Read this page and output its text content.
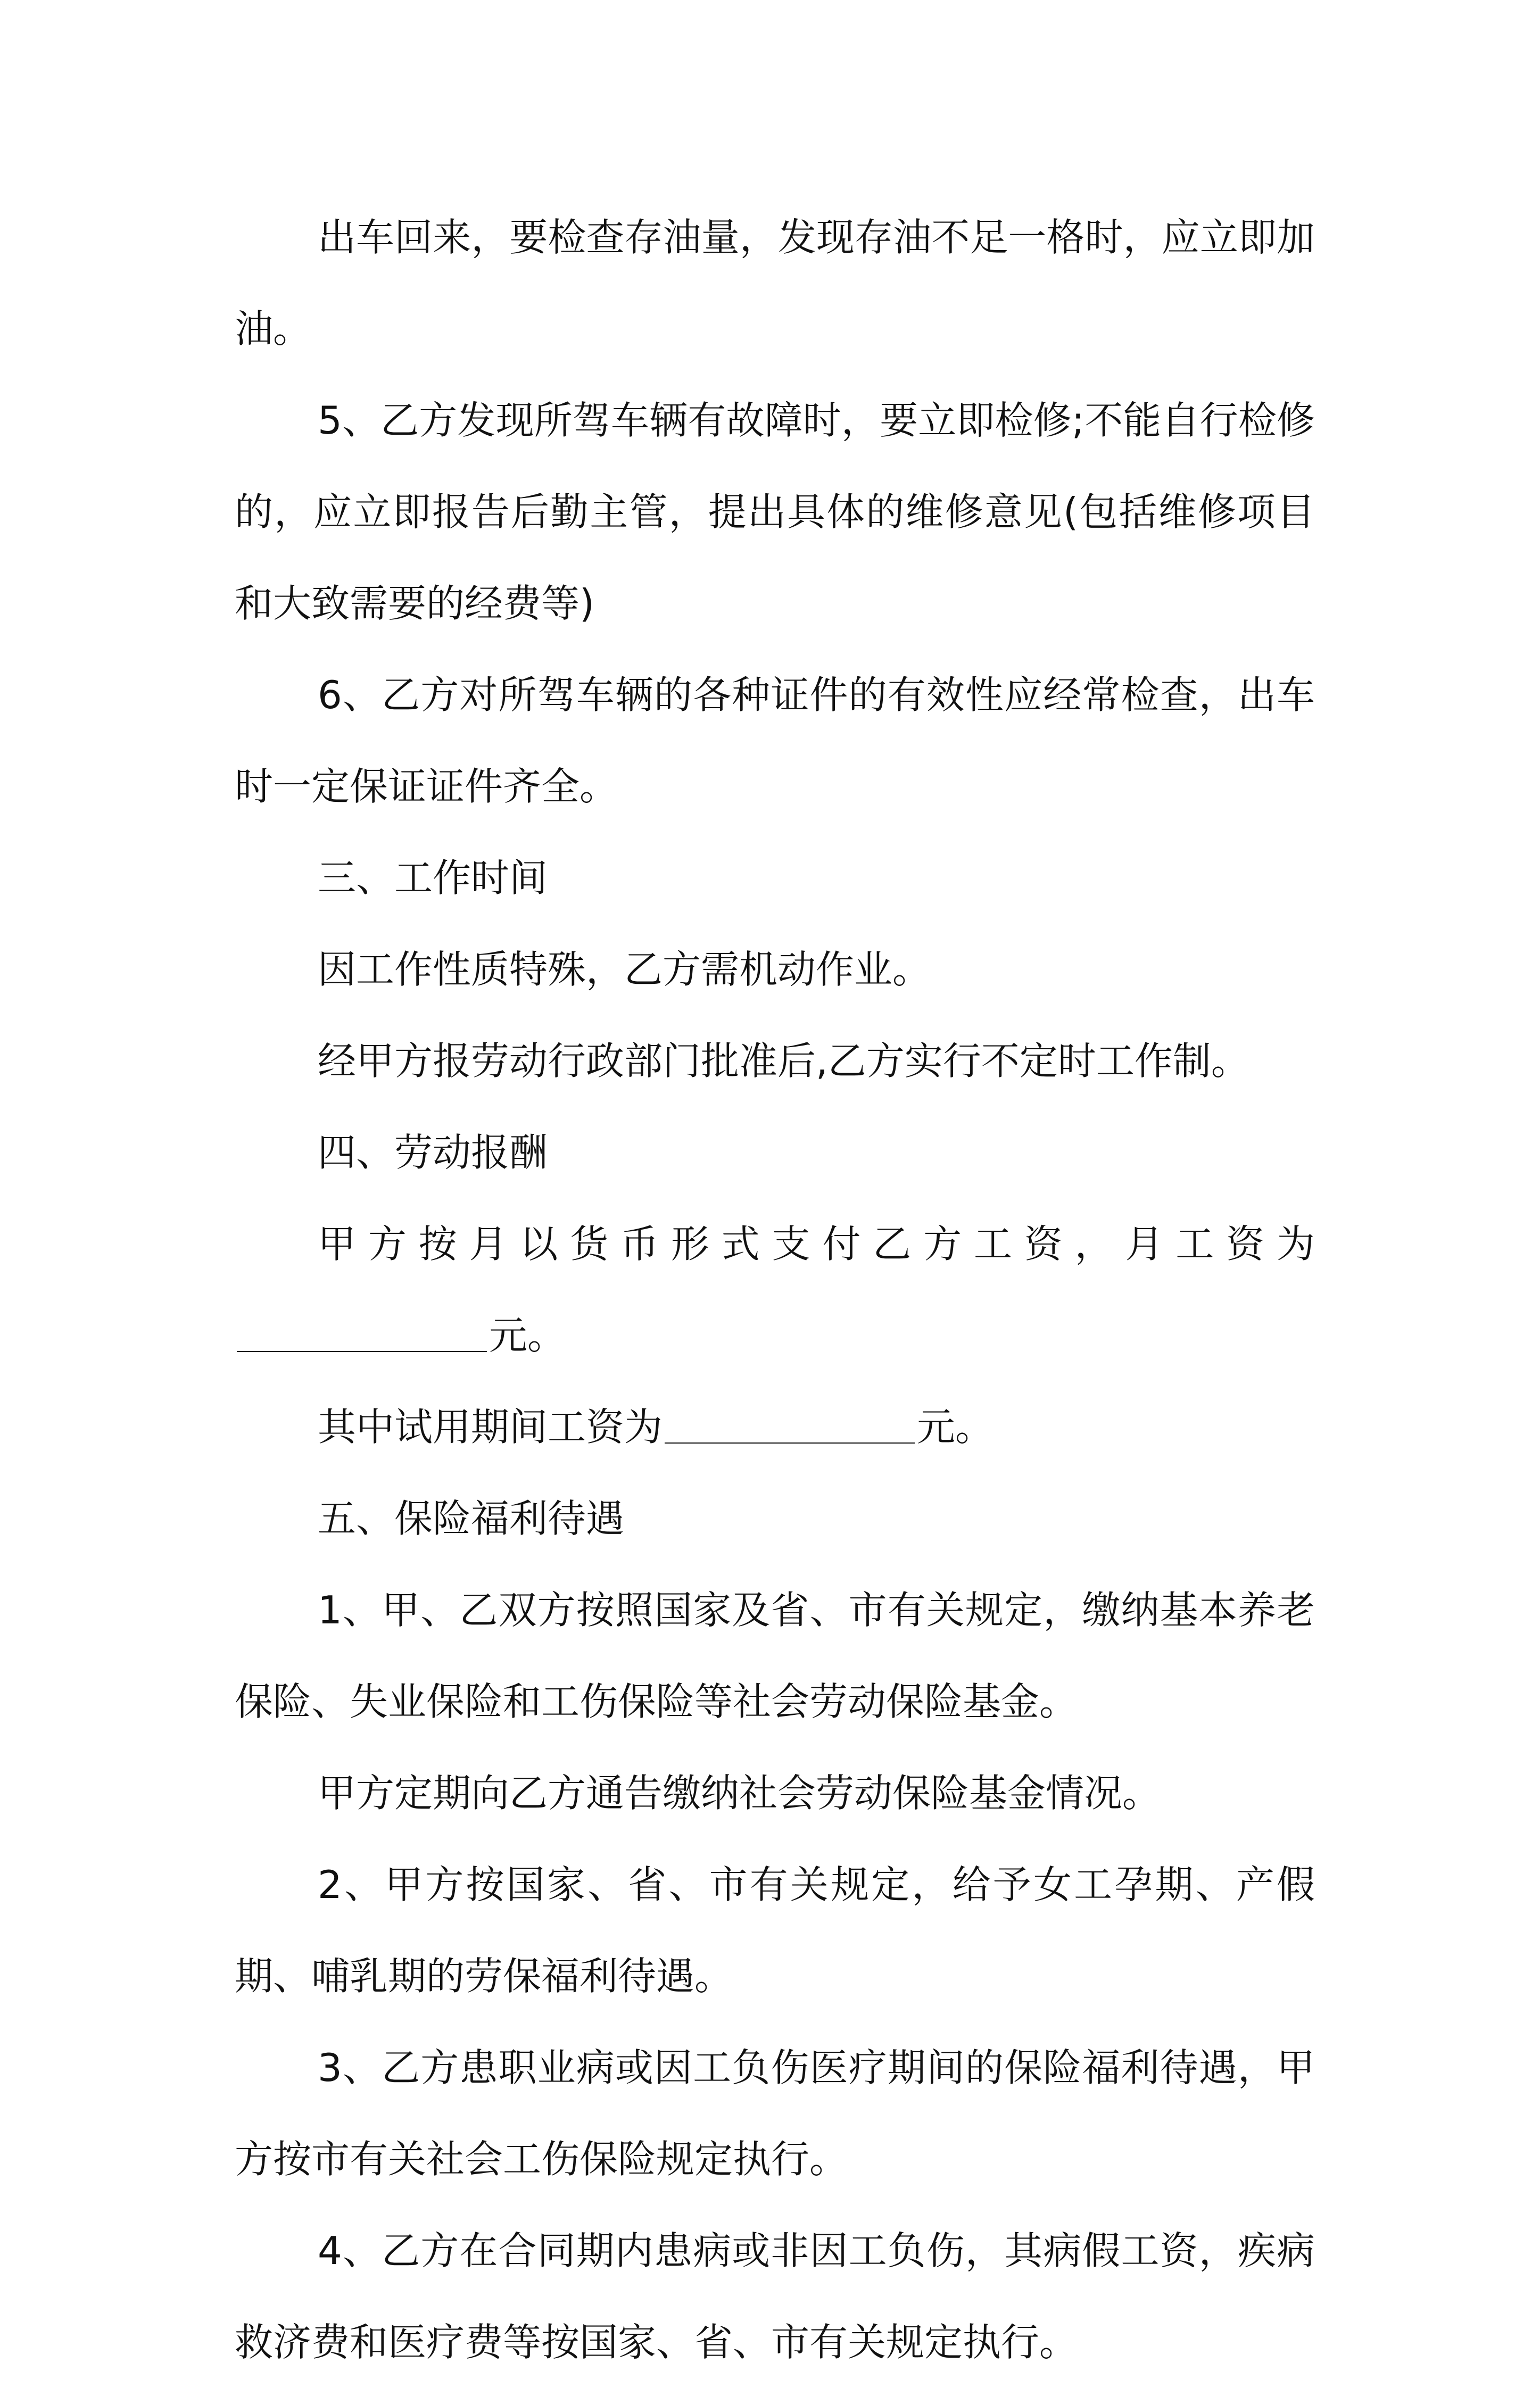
出车回来，要检查存油量，发现存油不足一格时，应立即加油。

5、乙方发现所驾车辆有故障时，要立即检修;不能自行检修的，应立即报告后勤主管，提出具体的维修意见(包括维修项目和大致需要的经费等)

6、乙方对所驾车辆的各种证件的有效性应经常检查，出车时一定保证证件齐全。

三、工作时间

因工作性质特殊，乙方需机动作业。

经甲方报劳动行政部门批准后,乙方实行不定时工作制。

四、劳动报酬

甲方按月以货币形式支付乙方工资，月工资为

元。

其中试用期间工资为	元。

五、保险福利待遇

1、甲、乙双方按照国家及省、市有关规定，缴纳基本养老保险、失业保险和工伤保险等社会劳动保险基金。

甲方定期向乙方通告缴纳社会劳动保险基金情况。

2、甲方按国家、省、市有关规定，给予女工孕期、产假期、哺乳期的劳保福利待遇。

3、乙方患职业病或因工负伤医疗期间的保险福利待遇，甲方按市有关社会工伤保险规定执行。

4、乙方在合同期内患病或非因工负伤，其病假工资，疾病救济费和医疗费等按国家、省、市有关规定执行。
